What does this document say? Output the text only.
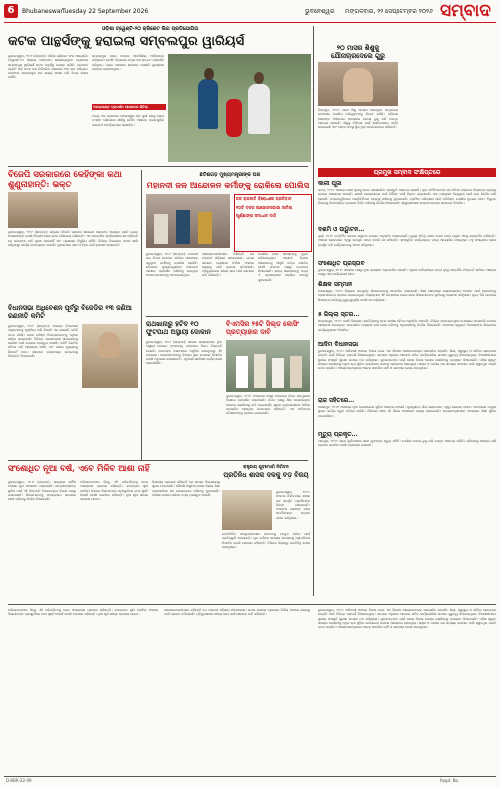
6	Bhubaneswar Tuesday 22 September 2026	ଭୁବନେଶ୍ୱର ମଙ୍ଗଳବାର, ୨୨ ସେପ୍ଟେମ୍ବର ୨୦୨୬ ସମ୍ବାଦ
ଓଡ଼ିଶା ଟ୍ୱେଣ୍ଟି-୨୦ କ୍ରିକେଟ ଲିଗ ପ୍ରତିଯୋଗିତା
କଟକ ପାନ୍ଥର୍ସଙ୍କୁ ହରାଇଲା ସମ୍ବଲପୁର ୱାରିୟର୍ସ
ଭୁବନେଶ୍ୱର, ୨୧।୯ (ସମ୍ବାଦ): ଓଡ଼ିଶା କ୍ରିକେଟ ସଂଘ ଆୟୋଜିତ ଟ୍ୱେଣ୍ଟି-୨୦ ଲିଗରେ ସୋମବାର ଖେଳାଯାଇଥିବା ମ୍ୟାଚରେ ସମ୍ବଲପୁର ୱାରିୟର୍ସ କଟକ ପାନ୍ଥର୍ସକୁ ପରାସ୍ତ କରିଛି। ପ୍ରଥମେ ବ୍ୟାଟିଂ କରି କଟକ ଦଳ ନିର୍ଦ୍ଧାରିତ ଓଭରରେ ୧୪୨ ରନ କରିଥିଲା। ଜବାବରେ ସମ୍ବଲପୁର ଦଳ ଲକ୍ଷ୍ୟ ହାସଲ କରି ବିଜୟ ହାସଲ କରିଛି।
ସମ୍ବଲପୁର ଦଳର ଓପନର ଆକର୍ଷଣୀୟ ଅର୍ଦ୍ଧଶତକ କରିଥିଲେ। ବୋଲିଂ ବିଭାଗରେ ମଧ୍ୟ ଦଳ ଉତ୍ତମ ପ୍ରଦର୍ଶନ କରିଥିଲା। ମ୍ୟାଚ ଶେଷରେ ଶ୍ରେଷ୍ଠ ଖେଳାଳି ପୁରସ୍କାର ପ୍ରଦାନ କରାଯାଇଥିଲା।
ଅଲରାଉଣ୍ଡ ପ୍ରଦର୍ଶନ ଆଧାରରେ ଜିତିଲା
ଅନ୍ୟ ଏକ ମ୍ୟାଚରେ ବାଲେଶ୍ୱର ଦଳ ପୁରୀ ଦଳକୁ ହରାଇ ପଏଣ୍ଟ ତାଲିକାରେ ଶୀର୍ଷକୁ ଉଠିଛି। ଆସନ୍ତା ମ୍ୟାଚଗୁଡ଼ିକ ବାରବାଟୀ ଷ୍ଟାଡ଼ିୟମରେ ଖେଳାଯିବ।
୨୦ ମାସର ଶିଶୁକୁ ଯୌନାଚାରଦେଲେ ଗୁରୁ
ବିଜେପୁର, ୨୧।୯: ଜଣେ ଶିଶୁ ଉପରେ ହୋଇଥିବା ଅତ୍ୟାଚାର ଘଟଣାରେ ପୋଲିସ ଅଭିଯୁକ୍ତଙ୍କୁ ଗିରଫ କରିଛି। ପରିବାର ଲୋକଙ୍କ ଅଭିଯୋଗ ଆଧାରରେ ମାମଲା ରୁଜୁ କରି ତଦନ୍ତ ଆରମ୍ଭ ହୋଇଛି। ଶିଶୁକୁ ଚିକିତ୍ସା ପାଇଁ ହସ୍ପିଟାଲରେ ଭର୍ତ୍ତି କରାଯାଇଛି ଏବଂ ତାଙ୍କ ଅବସ୍ଥା ସ୍ଥିର ଥିବା ଡାକ୍ତରମାନେ କହିଛନ୍ତି।
ବିଜେପି ସରକାରରେ କେହିଙ୍କା କଥା ଶୁଣୁନାହାନ୍ତି: ଭକ୍ତ
ଭୁବନେଶ୍ୱର, ୨୧।୯ (ସମ୍ବାଦ): ରାଜ୍ୟର ବିଜେପି ସରକାର ସାଧାରଣ ଲୋକଙ୍କ ସମସ୍ୟା ପ୍ରତି ଧ୍ୟାନ ଦେଉନାହାନ୍ତି ବୋଲି ବିରୋଧୀ ଦଳର ନେତା ଅଭିଯୋଗ କରିଛନ୍ତି। ଏକ ସାମ୍ବାଦିକ ସମ୍ମିଳନୀରେ ସେ କହିଛନ୍ତି ଯେ ଜନତାଙ୍କ ଦାବି ପୂରଣ ହେଉନାହିଁ ଏବଂ ପ୍ରଶାସନ ନିଷ୍କ୍ରିୟ ରହିଛି। ବିଭିନ୍ନ ବିଭାଗରେ ପଦବୀ ଖାଲି ରହିଥିବାରୁ କାର୍ଯ୍ୟ ବାଧାପ୍ରାପ୍ତ ହେଉଛି। କୃଷକମାନେ ସାର ଓ ବିହନ ପାଇଁ ହଇରାଣ ହେଉଛନ୍ତି।
ବିଧାନସଭା ଅଧିବେଶନ ପୂର୍ବରୁ ବିଜେଡିର ୧୩ ଜଣିଆ ରଣନୀତି କମିଟି
ଭୁବନେଶ୍ୱର, ୨୧।୯ (ସମ୍ବାଦ): ଆସନ୍ତା ବିଧାନସଭା ଅଧିବେଶନକୁ ଦୃଷ୍ଟିରେ ରଖି ବିଜେଡି ଏକ ରଣନୀତି କମିଟି ଗଠନ କରିଛି। ଦଳର ବରିଷ୍ଠ ବିଧାୟକମାନଙ୍କୁ ଏଥିରେ ସାମିଲ କରାଯାଇଛି। ବିଭିନ୍ନ ପ୍ରସଙ୍ଗରେ ସରକାରଙ୍କୁ ଘେରିବା ପାଇଁ ଯୋଜନା ପ୍ରସ୍ତୁତ ହେଉଛି। କମିଟି ନିୟମିତ ବୈଠକ କରି ଆଲୋଚନା କରିବ ଏବଂ ଦଳୀୟ ମୁଖ୍ୟଙ୍କୁ ରିପୋର୍ଟ ଦେବ। ସଦନରେ ଜନସମସ୍ୟା ଉଠାଇବାକୁ ନିଷ୍ପତ୍ତି ନିଆଯାଇଛି।
ଛତିଶଗଡ଼ ମୁଖ୍ୟମନ୍ତ୍ରୀଙ୍କ ଘର
ମହାନଦୀ ଜଳ ଆନ୍ଦୋଳନ କର୍ମୀଙ୍କୁ ରୋକିଲେ ପୋଲିସ
ଜଳ ରାଜନୀତି ବିରୋଧରେ ପ୍ରତିବାଦ
୧୦ଟି ଦଳର ଆନ୍ଦୋଳନକାରୀ ସାମିଲ
ପୂର୍ଣ୍ଣାଙ୍ଗ ସମାଧାନ ଦାବି
ଭୁବନେଶ୍ୱର, ୨୧।୯ (ସମ୍ବାଦ): ମହାନଦୀ ଜଳ ବିବାଦ ସମାଧାନ ଦାବିରେ ଆନ୍ଦୋଳନ କରୁଥିବା କର୍ମୀଙ୍କୁ ପୋଲିସ ରୋକିଛି। ଛତିଶଗଡ଼ ମୁଖ୍ୟମନ୍ତ୍ରୀଙ୍କ ବାସଭବନ ଆଗରେ ପ୍ରଦର୍ଶନ କରିବାକୁ ଯାଉଥିବା ବେଳେ ସେମାନଙ୍କୁ ଅଟକାଯାଇଥିଲା।
ଆନ୍ଦୋଳନକାରୀମାନେ କହିଛନ୍ତି ଯେ ମହାନଦୀ ଓଡ଼ିଶାର ଜୀବନରେଖା। ଉପର ଭାଗରେ ବ୍ୟାରେଜ ନିର୍ମାଣ ଫଳରେ ରାଜ୍ୟକୁ ପାଣି ପ୍ରବାହ କମିଯାଉଛି। ଟ୍ରିବ୍ୟୁନାଲର ଶୀଘ୍ର ରାୟ ପାଇଁ ସେମାନେ ଦାବି କରିଛନ୍ତି।
ପୋଲିସ ପରେ ସମସ୍ତଙ୍କୁ ମୁକ୍ତ କରିଦେଇଥିଲା। ଆଗାମୀ ଦିନରେ ଆନ୍ଦୋଳନକୁ ଆହୁରି ତୀବ୍ର କରାଯିବ ବୋଲି ସଂଗଠନ ପକ୍ଷରୁ ଚେତାବନୀ ଦିଆଯାଇଛି। ରାଜ୍ୟ ସରକାରଙ୍କୁ ମଧ୍ୟ ଏ ପ୍ରସଙ୍ଗରେ ସକ୍ରିୟ ହେବାକୁ କୁହାଯାଇଛି।
ରାଥଖାନାରୁ ହଟିବ ୧୦ ଫୁଟପାଥ ଅସ୍ଥାୟୀ ଦୋକାନ
ଭୁବନେଶ୍ୱର, ୨୧।୯ (ସମ୍ବାଦ): ସହରର ରାସ୍ତାକଡ଼ରେ ଥିବା ଅସ୍ଥାୟୀ ଦୋକାନ ହଟାଇବାକୁ ମହାନଗର ନିଗମ ନିଷ୍ପତ୍ତି ନେଇଛି। ଯାନବାହନ ଚଳାଚଳରେ ଅସୁବିଧା ହେଉଥିବାରୁ ଏହି ପଦକ୍ଷେପ। ଦୋକାନୀମାନଙ୍କୁ ବିକଳ୍ପ ସ୍ଥାନ ଯୋଗାଇ ଦିଆଯିବ ବୋଲି ଅଧିକାରୀ ଜଣାଇଛନ୍ତି। ଏଥିପାଇଁ ସର୍ବେକ୍ଷଣ କାର୍ଯ୍ୟ ଶେଷ ହୋଇସାରିଛି।
ବିଏମସିର ୨୫ଟି ସିଲ୍ଡ କୋସିଂ ପ୍ରତ୍ୟାହାର ଦାବି
ଭୁବନେଶ୍ୱର, ୨୧।୯: କଂଗ୍ରେସ ପକ୍ଷରୁ ମହାନଗର ନିଗମ ସମ୍ମୁଖରେ ବିକ୍ଷୋଭ ପ୍ରଦର୍ଶନ କରାଯାଇଛି। ନିଗମ ପକ୍ଷରୁ ସିଲ କରାଯାଇଥିବା ଦୋକାନ ଖୋଲିବାକୁ ଦାବି କରାଯାଇଛି। କ୍ଷୁଦ୍ର ବ୍ୟବସାୟୀଙ୍କ ଜୀବିକା ପ୍ରଭାବିତ ହେଉଥିବା ନେତାମାନେ କହିଛନ୍ତି। ଏକ ଦାବିପତ୍ର କମିଶନରଙ୍କୁ ପ୍ରଦାନ କରାଯାଇଛି।
ସଂଶୋଧିତ ନୂଆ ବର୍ଷ, ଏବେ ମିଳିବ ଆଶା ନାହିଁ
ଭୁବନେଶ୍ୱର, ୨୧।୯ (ସମ୍ବାଦ): ରାଜ୍ୟରେ ବାର୍ଷିକ ପରୀକ୍ଷା ସୂଚୀ ସଂଶୋଧନ କରାଯାଇଛି। ଛାତ୍ରଛାତ୍ରୀଙ୍କ ସୁବିଧା ପାଇଁ ଏହି ନିଷ୍ପତ୍ତି ନିଆଯାଇଥିବା ବିଭାଗ ପକ୍ଷରୁ ଜଣାଯାଇଛି। ଶିକ୍ଷକମାନଙ୍କୁ ପାଠ୍ୟକ୍ରମ ସମୟରେ ଶେଷ କରିବାକୁ ନିର୍ଦ୍ଦେଶ ଦିଆଯାଇଛି।
ଅଭିଭାବକମାନେ କିନ୍ତୁ ଏହି ପରିବର୍ତ୍ତନକୁ ନେଇ ଅସନ୍ତୋଷ ପ୍ରକାଶ କରିଛନ୍ତି। ବାରମ୍ବାର ସୂଚୀ ବଦଳିବା ଫଳରେ ପିଲାମାନଙ୍କ ପ୍ରସ୍ତୁତିରେ ବାଧା ସୃଷ୍ଟି ହେଉଛି ବୋଲି ସେମାନେ କହିଛନ୍ତି। ନୂଆ ସୂଚୀ ଶୀଘ୍ର ପ୍ରକାଶ ପାଇବ।
ବିଭାଗୀୟ ଅଧିକାରୀ କହିଛନ୍ତି ଯେ ସମସ୍ତ ବିଦ୍ୟାଳୟକୁ ସୂଚନା ପଠାଯାଇଛି। କୌଣସି ଅସୁବିଧା ହେଲେ ଜିଲ୍ଲା ଶିକ୍ଷା ଅଧିକାରୀଙ୍କ ସହ ଯୋଗାଯୋଗ କରିବାକୁ କୁହାଯାଇଛି। ପରୀକ୍ଷା କେନ୍ଦ୍ର ତାଲିକା ମଧ୍ୟ ପ୍ରସ୍ତୁତ ହେଉଛି।
ରାଷ୍ଟ୍ରୀୟ ଯୁବମୋର୍ଚ୍ଚା ନିର୍ବାଚନ
ପ୍ରତିନିଧ ଶାସକ ଦଳକୁ ବଡ଼ ବିଜୟ
ଭୁବନେଶ୍ୱର, ୨୧।୯: ସଂଗଠନ ନିର୍ବାଚନରେ ଶାସକ ଦଳ ସମର୍ଥିତ ପ୍ରାର୍ଥୀମାନେ ବିଜୟୀ ହୋଇଛନ୍ତି। ଫଳାଫଳ ଘୋଷଣା ପରେ ସମର୍ଥକମାନେ ଉତ୍ସବ ପାଳନ କରିଥିଲେ।
ନବନିର୍ବାଚିତ ପଦାଧିକାରୀମାନେ ସଂଗଠନକୁ ମଜବୁତ କରିବା ପାଇଁ ପ୍ରତିଶ୍ରୁତି ଦେଇଛନ୍ତି। ଯୁବ ବର୍ଗଙ୍କ ସମସ୍ୟା ସମାଧାନକୁ ପ୍ରାଥମିକତା ଦିଆଯିବ ବୋଲି ସେମାନେ କହିଛନ୍ତି। ବିଭିନ୍ନ ଜିଲ୍ଲାରୁ ପ୍ରତିନିଧି ଯୋଗ ଦେଇଥିଲେ।
ପ୍ରମୁଖ ସମ୍ବାଦ ସଂକ୍ଷିପ୍ତରେ
କାଳୀ ପୂଜା
କଟକ, ୨୧।୯: ଆସନ୍ତା କାଳୀ ପୂଜାକୁ ନେଇ ପ୍ରଶାସନିକ ପ୍ରସ୍ତୁତି ଆରମ୍ଭ ହୋଇଛି। ପୂଜା କମିଟିମାନଙ୍କ ସହ ବୈଠକ କରାଯାଇ ନିରାପତ୍ତା ବ୍ୟବସ୍ଥା ଉପରେ ଆଲୋଚନା ହୋଇଛି। ଭସାଣି ଶୋଭାଯାତ୍ରା ପାଇଁ ନିର୍ଦ୍ଦିଷ୍ଟ ମାର୍ଗ ଚିହ୍ନଟ କରାଯାଇଛି। ଶବ୍ଦ ପ୍ରଦୂଷଣ ନିୟନ୍ତ୍ରଣ ପାଇଁ କଡ଼ା ନିର୍ଦ୍ଦେଶ ଜାରି ହୋଇଛି। ମଣ୍ଡପଗୁଡ଼ିକରେ ଅଗ୍ନିନିର୍ବାପକ ବ୍ୟବସ୍ଥା ରଖିବାକୁ କୁହାଯାଇଛି। ଟ୍ରାଫିକ ପରିଚାଳନା ପାଇଁ ଅତିରିକ୍ତ ପୋଲିସ ମୁତୟନ ହେବ। ବିଦ୍ୟୁତ ବିଭାଗକୁ ନିରବଚ୍ଛିନ୍ନ ଯୋଗାଣ ନିଶ୍ଚିତ କରିବାକୁ ନିର୍ଦ୍ଦେଶ ଦିଆଯାଇଛି। ସ୍ୱେଚ୍ଛାସେବୀ ସଂଗଠନମାନଙ୍କ ସହଯୋଗ ନିଆଯିବ।
ଦଶମି ଓ ଉଦ୍ଘାଟନ…
ପୁରୀ, ୨୧।୯: ନବନିର୍ମିତ ଭବନର ଉଦ୍ଘାଟନ ଉତ୍ସବ ଅନୁଷ୍ଠିତ ହୋଇଯାଇଛି। ମୁଖ୍ୟ ଅତିଥି ଭାବେ ଯୋଗ ଦେଇ ମନ୍ତ୍ରୀ ଏହାକୁ ଲୋକାର୍ପଣ କରିଛନ୍ତି। ଅଞ୍ଚଳର ଲୋକମାନେ ଏଥିରୁ ଉପକୃତ ହେବେ ବୋଲି ସେ କହିଛନ୍ତି। ସାଂସ୍କୃତିକ କାର୍ଯ୍ୟକ୍ରମ ମଧ୍ୟ ଆୟୋଜିତ ହୋଇଥିଲା। ବହୁ ସଂଖ୍ୟାରେ ଲୋକ ଉପସ୍ଥିତ ରହି କାର୍ଯ୍ୟକ୍ରମକୁ ସଫଳ କରିଥିଲେ।
ସଂଶୋଧିତ ପ୍ରସ୍ତାବ
ଭୁବନେଶ୍ୱର, ୨୧।୯: ସରକାର ପକ୍ଷରୁ ନୂଆ ପ୍ରସ୍ତାବ ଅନୁମୋଦିତ ହୋଇଛି। ଏଥିରେ କର୍ମଚାରୀଙ୍କ ଭତ୍ତା ବୃଦ୍ଧି ସମ୍ପର୍କିତ ନିଷ୍ପତ୍ତି ସାମିଲ। ଆସନ୍ତା ମାସରୁ ଏହା କାର୍ଯ୍ୟକାରୀ ହେବ।
ଶିକ୍ଷକ ସମ୍ମାନ
ବାଲେଶ୍ୱର, ୨୧।୯: ଜିଲ୍ଲାର ଉତ୍କୃଷ୍ଟ ଶିକ୍ଷକମାନଙ୍କୁ ସମ୍ମାନିତ କରାଯାଇଛି। ଶିକ୍ଷା କ୍ଷେତ୍ରରେ ଉଲ୍ଲେଖନୀୟ ଅବଦାନ ପାଇଁ ସେମାନଙ୍କୁ ପ୍ରଶଂସାପତ୍ର ପ୍ରଦାନ କରାଯାଇଥିଲା। ଜିଲ୍ଲାପାଳ ଏହି ଉତ୍ସବରେ ଯୋଗ ଦେଇ ଶିକ୍ଷକମାନଙ୍କ ଭୂମିକାକୁ ପ୍ରଶଂସା କରିଥିଲେ। ନୂତନ ପିଢ଼ି ଗଠନରେ ଶିକ୍ଷକଙ୍କ ଦାୟିତ୍ୱ ଗୁରୁତ୍ୱପୂର୍ଣ୍ଣ ବୋଲି ସେ କହିଥିଲେ।
୫ ଜିଲ୍ଲା ସ୍ତର…
ସମ୍ବଲପୁର, ୨୧।୯: ପାଞ୍ଚଟି ଜିଲ୍ଲାର ପ୍ରତିନିଧିଙ୍କୁ ନେଇ ସମୀକ୍ଷା ବୈଠକ ଅନୁଷ୍ଠିତ ହୋଇଛି। ବିଭିନ୍ନ ଉନ୍ନୟନମୂଳକ ଯୋଜନାର ଅଗ୍ରଗତି ଉପରେ ଆଲୋଚନା ହୋଇଥିଲା। ସମୟସୀମା ମଧ୍ୟରେ କାମ ଶେଷ କରିବାକୁ ଅଧିକାରୀଙ୍କୁ ନିର୍ଦ୍ଦେଶ ଦିଆଯାଇଛି। ଅବହେଳା କରୁଥିବା ଠିକାଦାରଙ୍କ ବିରୋଧରେ କାର୍ଯ୍ୟାନୁଷ୍ଠାନ ନିଆଯିବ।
ଆଦିମ ବିଧାନସଭା
ଭୁବନେଶ୍ୱର, ୨୧।୯: ଆଦିବାସୀ ଅଞ୍ଚଳର ବିକାଶ ନେଇ ଏକ ବିଶେଷ ଆଲୋଚନାଚକ୍ର ଆୟୋଜିତ ହୋଇଛି। ଶିକ୍ଷା, ସ୍ୱାସ୍ଥ୍ୟ ଓ ଜୀବିକା କ୍ଷେତ୍ରରେ ଉନ୍ନତି ପାଇଁ ବିଭିନ୍ନ ପରାମର୍ଶ ଦିଆଯାଇଥିଲା। ଜଙ୍ଗଲ ଅଧିକାର ଆଇନର ସଠିକ କାର୍ଯ୍ୟକାରିତା ଉପରେ ଗୁରୁତ୍ୱ ଦିଆଯାଇଥିଲା। ବିଶେଷଜ୍ଞମାନେ ସ୍ଥାନୀୟ ସଂସ୍କୃତି ସୁରକ୍ଷା ଉପରେ ମତ ରଖିଥିଲେ। ଯୁବକମାନଙ୍କ ପାଇଁ ଦକ୍ଷତା ବିକାଶ କେନ୍ଦ୍ର ଖୋଲିବାକୁ ପ୍ରସ୍ତାବ ଦିଆଯାଇଛି। ମହିଳା ସ୍ୱୟଂ ସହାୟକ ଗୋଷ୍ଠୀକୁ ଅଧିକ ଋଣ ସୁବିଧା ଯୋଗାଇବା ଉପରେ ଆଲୋଚନା ହୋଇଥିଲା। ରାସ୍ତା ଓ ପାନୀୟ ଜଳ ସମସ୍ୟା ସମାଧାନ ପାଇଁ ସ୍ୱତନ୍ତ୍ର ପାଣ୍ଠି ଗଠନ କରାଯିବ। ଆଲୋଚନାଚକ୍ରରେ ଅନେକ ସାମାଜିକ କର୍ମୀ ଓ ଗବେଷକ ଯୋଗ ଦେଇଥିଲେ।
ରାଜ ସହିତରେ…
କୋରାପୁଟ, ୨୧।୯: ଅଞ୍ଚଳରେ ନୂଆ ଯୋଗାଯୋଗ ସୁବିଧା ଆରମ୍ଭ ହୋଇଛି। ଦୂରଦୂରାନ୍ତ ଗାଁର ଲୋକମାନେ ଏଥିରୁ ଲାଭବାନ ହେବେ। ମୋବାଇଲ ଟାୱାର ସ୍ଥାପନ କାର୍ଯ୍ୟ ଦ୍ରୁତ ଗତିରେ ଚାଲିଛି। ଡିଜିଟାଲ ସେବା ଗାଁ ଗାଁରେ ପହଞ୍ଚାଇବା ଲକ୍ଷ୍ୟ ରଖାଯାଇଛି। ଛାତ୍ରଛାତ୍ରୀମାନେ ଅନଲାଇନ ଶିକ୍ଷା ସୁବିଧା ପାଇପାରିବେ।
ମୃତ୍ୟୁ ପ୍ରକୃତ…
ଯାଜପୁର, ୨୧।୯: ସଡ଼କ ଦୁର୍ଘଟଣାରେ ଜଣେ ଯୁବକଙ୍କ ମୃତ୍ୟୁ ଘଟିଛି। ପୋଲିସ ମାମଲା ରୁଜୁ କରି ତଦନ୍ତ ଆରମ୍ଭ କରିଛି। ପରିବାରକୁ ସହାୟତା ରାଶି ପ୍ରଦାନ କରାଯିବ ବୋଲି ପ୍ରଶାସନ ଜଣାଇଛି।
ଅଭିଭାବକମାନେ କିନ୍ତୁ ଏହି ପରିବର୍ତ୍ତନକୁ ନେଇ ଅସନ୍ତୋଷ ପ୍ରକାଶ କରିଛନ୍ତି। ବାରମ୍ବାର ସୂଚୀ ବଦଳିବା ଫଳରେ ପିଲାମାନଙ୍କ ପ୍ରସ୍ତୁତିରେ ବାଧା ସୃଷ୍ଟି ହେଉଛି ବୋଲି ସେମାନେ କହିଛନ୍ତି। ନୂଆ ସୂଚୀ ଶୀଘ୍ର ପ୍ରକାଶ ପାଇବ।
ଆନ୍ଦୋଳନକାରୀମାନେ କହିଛନ୍ତି ଯେ ମହାନଦୀ ଓଡ଼ିଶାର ଜୀବନରେଖା। ଉପର ଭାଗରେ ବ୍ୟାରେଜ ନିର୍ମାଣ ଫଳରେ ରାଜ୍ୟକୁ ପାଣି ପ୍ରବାହ କମିଯାଉଛି। ଟ୍ରିବ୍ୟୁନାଲର ଶୀଘ୍ର ରାୟ ପାଇଁ ସେମାନେ ଦାବି କରିଛନ୍ତି।
ଭୁବନେଶ୍ୱର, ୨୧।୯: ଆଦିବାସୀ ଅଞ୍ଚଳର ବିକାଶ ନେଇ ଏକ ବିଶେଷ ଆଲୋଚନାଚକ୍ର ଆୟୋଜିତ ହୋଇଛି। ଶିକ୍ଷା, ସ୍ୱାସ୍ଥ୍ୟ ଓ ଜୀବିକା କ୍ଷେତ୍ରରେ ଉନ୍ନତି ପାଇଁ ବିଭିନ୍ନ ପରାମର୍ଶ ଦିଆଯାଇଥିଲା। ଜଙ୍ଗଲ ଅଧିକାର ଆଇନର ସଠିକ କାର୍ଯ୍ୟକାରିତା ଉପରେ ଗୁରୁତ୍ୱ ଦିଆଯାଇଥିଲା। ବିଶେଷଜ୍ଞମାନେ ସ୍ଥାନୀୟ ସଂସ୍କୃତି ସୁରକ୍ଷା ଉପରେ ମତ ରଖିଥିଲେ। ଯୁବକମାନଙ୍କ ପାଇଁ ଦକ୍ଷତା ବିକାଶ କେନ୍ଦ୍ର ଖୋଲିବାକୁ ପ୍ରସ୍ତାବ ଦିଆଯାଇଛି। ମହିଳା ସ୍ୱୟଂ ସହାୟକ ଗୋଷ୍ଠୀକୁ ଅଧିକ ଋଣ ସୁବିଧା ଯୋଗାଇବା ଉପରେ ଆଲୋଚନା ହୋଇଥିଲା। ରାସ୍ତା ଓ ପାନୀୟ ଜଳ ସମସ୍ୟା ସମାଧାନ ପାଇଁ ସ୍ୱତନ୍ତ୍ର ପାଣ୍ଠି ଗଠନ କରାଯିବ। ଆଲୋଚନାଚକ୍ରରେ ଅନେକ ସାମାଜିକ କର୍ମୀ ଓ ଗବେଷକ ଯୋଗ ଦେଇଥିଲେ।
D-BBR-22-09	Regd. No.
